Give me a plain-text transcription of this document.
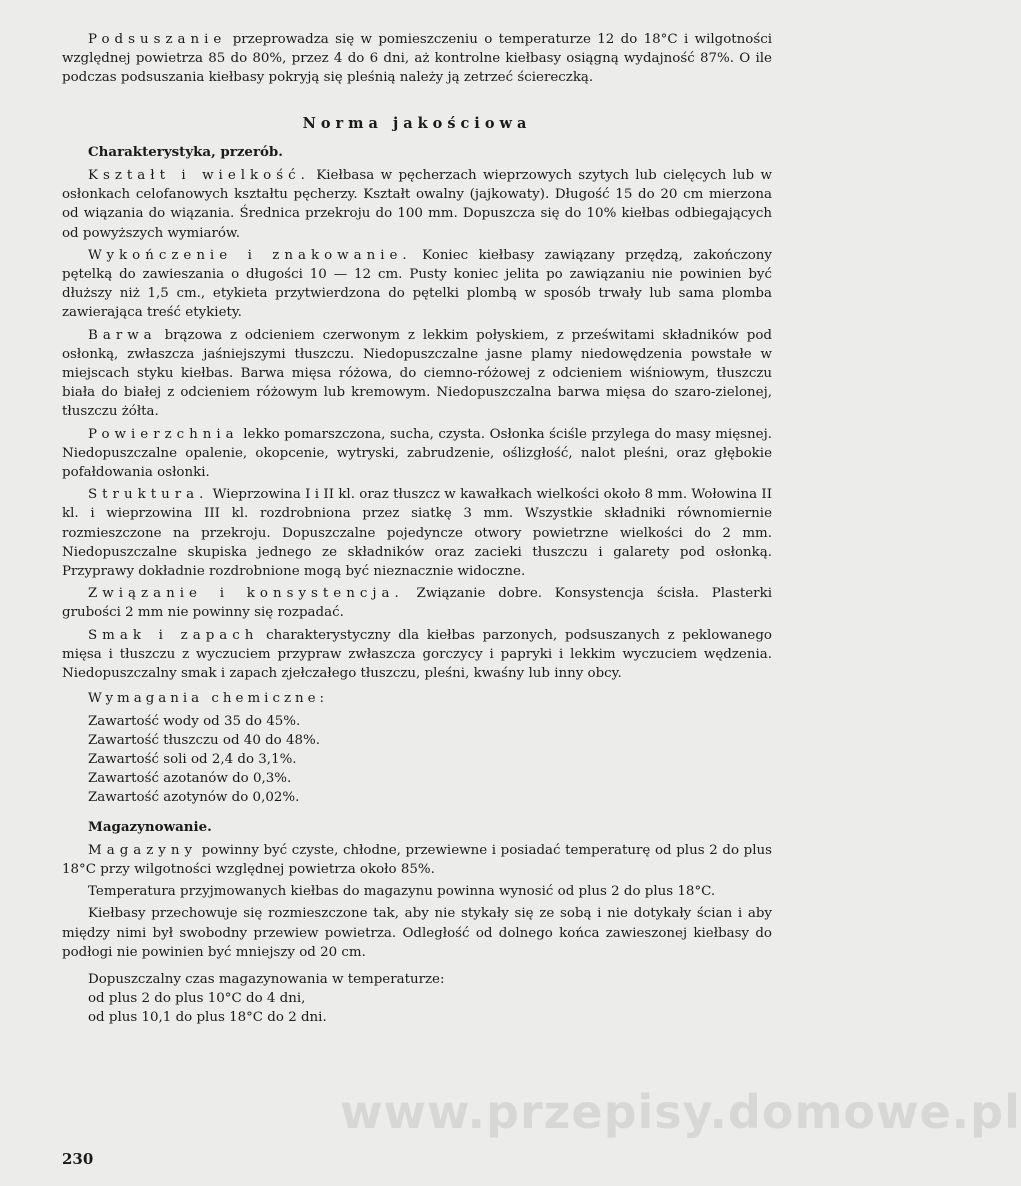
Podsuszanie przeprowadza się w pomieszczeniu o temperaturze 12 do 18°C i wilgotności względnej powietrza 85 do 80%, przez 4 do 6 dni, aż kontrolne kiełbasy osiągną wydajność 87%. O ile podczas podsuszania kiełbasy pokryją się pleśnią należy ją zetrzeć ściereczką.

Norma jakościowa
Charakterystyka, przerób.

Kształt i wielkość. Kiełbasa w pęcherzach wieprzowych szytych lub cielęcych lub w osłonkach celofanowych kształtu pęcherzy. Kształt owalny (jajkowaty). Długość 15 do 20 cm mierzona od wiązania do wiązania. Średnica przekroju do 100 mm. Dopuszcza się do 10% kiełbas odbiegających od powyższych wymiarów.

Wykończenie i znakowanie. Koniec kiełbasy zawiązany przędzą, zakończony pętelką do zawieszania o długości 10 — 12 cm. Pusty koniec jelita po zawiązaniu nie powinien być dłuższy niż 1,5 cm., etykieta przytwierdzona do pętelki plombą w sposób trwały lub sama plomba zawierająca treść etykiety.

Barwa brązowa z odcieniem czerwonym z lekkim połyskiem, z prześwitami składników pod osłonką, zwłaszcza jaśniejszymi tłuszczu. Niedopuszczalne jasne plamy niedowędzenia powstałe w miejscach styku kiełbas. Barwa mięsa różowa, do ciemno-różowej z odcieniem wiśniowym, tłuszczu biała do białej z odcieniem różowym lub kremowym. Niedopuszczalna barwa mięsa do szaro-zielonej, tłuszczu żółta.

Powierzchnia lekko pomarszczona, sucha, czysta. Osłonka ściśle przylega do masy mięsnej. Niedopuszczalne opalenie, okopcenie, wytryski, zabrudzenie, oślizgłość, nalot pleśni, oraz głębokie pofałdowania osłonki.

Struktura. Wieprzowina I i II kl. oraz tłuszcz w kawałkach wielkości około 8 mm. Wołowina II kl. i wieprzowina III kl. rozdrobniona przez siatkę 3 mm. Wszystkie składniki równomiernie rozmieszczone na przekroju. Dopuszczalne pojedyncze otwory powietrzne wielkości do 2 mm. Niedopuszczalne skupiska jednego ze składników oraz zacieki tłuszczu i galarety pod osłonką. Przyprawy dokładnie rozdrobnione mogą być nieznacznie widoczne.

Związanie i konsystencja. Związanie dobre. Konsystencja ścisła. Plasterki grubości 2 mm nie powinny się rozpadać.

Smak i zapach charakterystyczny dla kiełbas parzonych, podsuszanych z peklowanego mięsa i tłuszczu z wyczuciem przypraw zwłaszcza gorczycy i papryki i lekkim wyczuciem wędzenia. Niedopuszczalny smak i zapach zjełczałego tłuszczu, pleśni, kwaśny lub inny obcy.

Wymagania chemiczne:

Zawartość wody od 35 do 45%.
Zawartość tłuszczu od 40 do 48%.
Zawartość soli od 2,4 do 3,1%.
Zawartość azotanów do 0,3%.
Zawartość azotynów do 0,02%.
Magazynowanie.

Magazyny powinny być czyste, chłodne, przewiewne i posiadać temperaturę od plus 2 do plus 18°C przy wilgotności względnej powietrza około 85%.

Temperatura przyjmowanych kiełbas do magazynu powinna wynosić od plus 2 do plus 18°C.

Kiełbasy przechowuje się rozmieszczone tak, aby nie stykały się ze sobą i nie dotykały ścian i aby między nimi był swobodny przewiew powietrza. Odległość od dolnego końca zawieszonej kiełbasy do podłogi nie powinien być mniejszy od 20 cm.

Dopuszczalny czas magazynowania w temperaturze:
od plus 2 do plus 10°C do 4 dni,
od plus 10,1 do plus 18°C do 2 dni.
www.przepisy.domowe.pl
230
